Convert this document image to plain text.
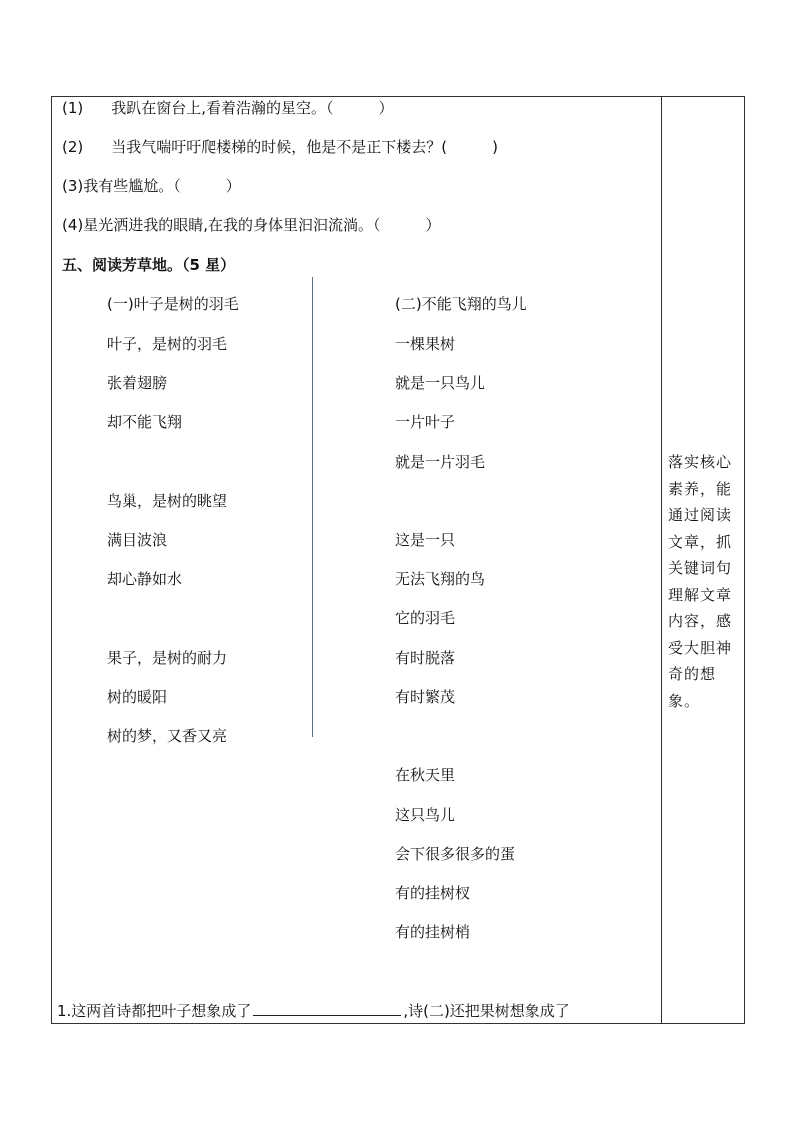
(1) 我趴在窗台上,看着浩瀚的星空。（　　　）
(2) 当我气喘吁吁爬楼梯的时候，他是不是正下楼去？(　　　)
(3)我有些尴尬。（　　　）
(4)星光洒进我的眼睛,在我的身体里汩汩流淌。（　　　）
五、阅读芳草地。（5 星）
(一)叶子是树的羽毛
叶子，是树的羽毛
张着翅膀
却不能飞翔
鸟巢，是树的眺望
满目波浪
却心静如水
果子，是树的耐力
树的暖阳
树的梦，又香又亮
(二)不能飞翔的鸟儿
一棵果树
就是一只鸟儿
一片叶子
就是一片羽毛
这是一只
无法飞翔的鸟
它的羽毛
有时脱落
有时繁茂
在秋天里
这只鸟儿
会下很多很多的蛋
有的挂树杈
有的挂树梢
1.这两首诗都把叶子想象成了	,诗(二)还把果树想象成了
落实核心素养，能通过阅读文章，抓关键词句理解文章内容，感受大胆神奇的想象。
